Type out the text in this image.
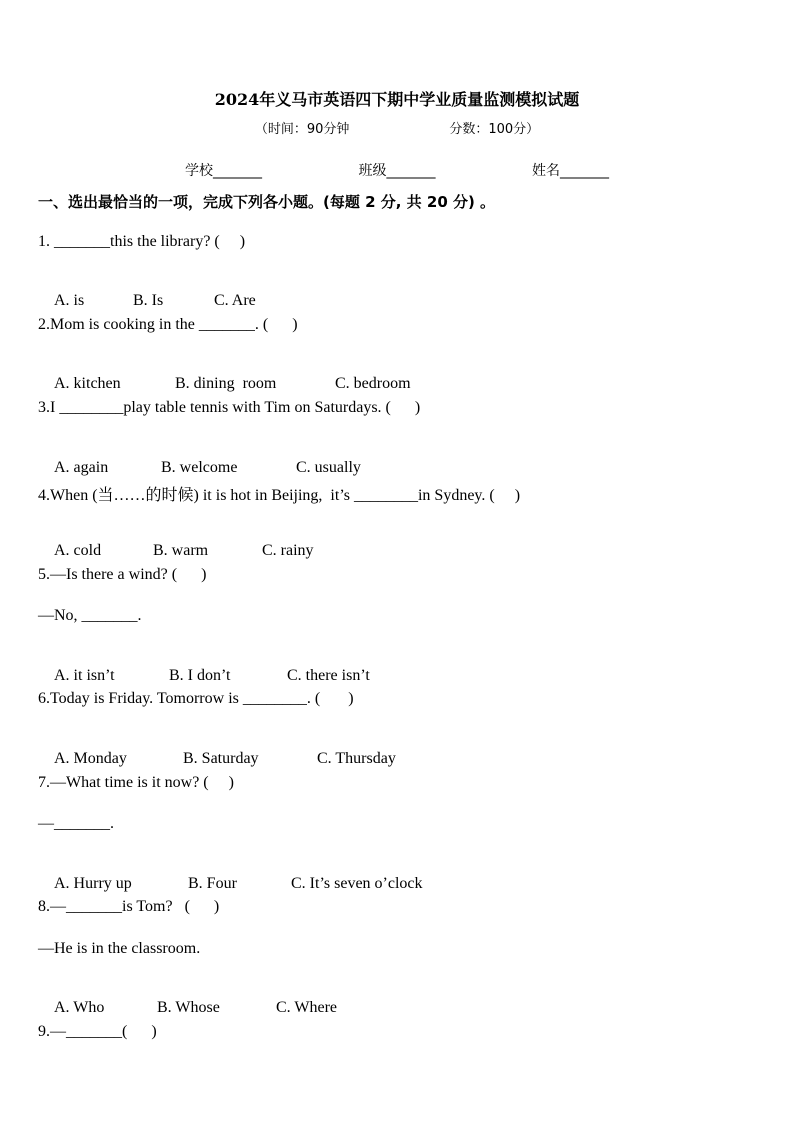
2024年义马市英语四下期中学业质量监测模拟试题
（时间：90分钟	分数：100分）
学校_______	班级_______	姓名_______
一、选出最恰当的一项，完成下列各小题。(每题 2 分, 共 20 分) 。
1. _______this the library? (     )

A. is	B. Is	C. Are

2.Mom is cooking in the _______. (      )

A. kitchen	B. dining  room	C. bedroom

3.I ________play table tennis with Tim on Saturdays. (      )

A. again	B. welcome	C. usually

4.When (当……的时候) it is hot in Beijing,  it’s ________in Sydney. (     )

A. cold	B. warm	C. rainy

5.—Is there a wind? (      )
—No, _______.

A. it isn’t	B. I don’t	C. there isn’t

6.Today is Friday. Tomorrow is ________. (       )

A. Monday	B. Saturday	C. Thursday

7.—What time is it now? (     )
—_______.

A. Hurry up	B. Four	C. It’s seven o’clock

8.—_______is Tom?   (      )
—He is in the classroom.

A. Who	B. Whose	C. Where

9.—_______(      )
